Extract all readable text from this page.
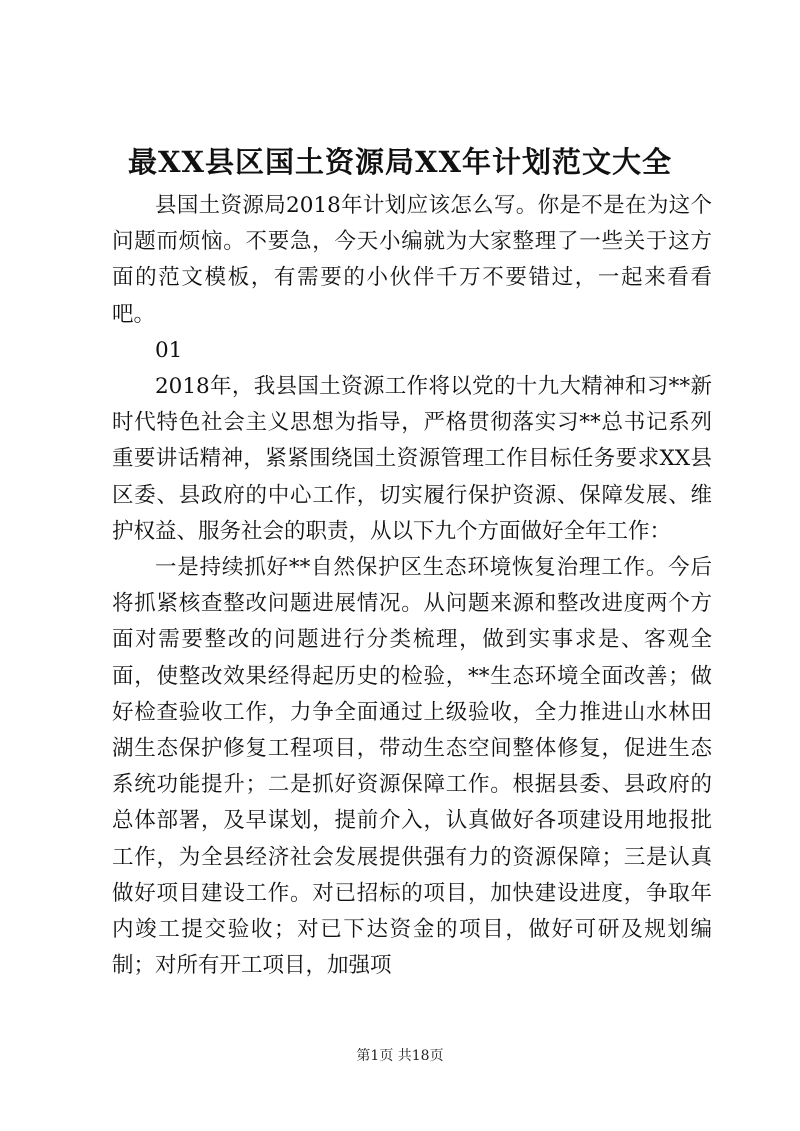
最XX县区国土资源局XX年计划范文大全

县国土资源局2018年计划应该怎么写。你是不是在为这个问题而烦恼。不要急，今天小编就为大家整理了一些关于这方面的范文模板，有需要的小伙伴千万不要错过，一起来看看吧。

01

2018年，我县国土资源工作将以党的十九大精神和习**新时代特色社会主义思想为指导，严格贯彻落实习**总书记系列重要讲话精神，紧紧围绕国土资源管理工作目标任务要求XX县区委、县政府的中心工作，切实履行保护资源、保障发展、维护权益、服务社会的职责，从以下九个方面做好全年工作：

一是持续抓好**自然保护区生态环境恢复治理工作。今后将抓紧核查整改问题进展情况。从问题来源和整改进度两个方面对需要整改的问题进行分类梳理，做到实事求是、客观全面，使整改效果经得起历史的检验，**生态环境全面改善；做好检查验收工作，力争全面通过上级验收，全力推进山水林田湖生态保护修复工程项目，带动生态空间整体修复，促进生态系统功能提升；二是抓好资源保障工作。根据县委、县政府的总体部署，及早谋划，提前介入，认真做好各项建设用地报批工作，为全县经济社会发展提供强有力的资源保障；三是认真做好项目建设工作。对已招标的项目，加快建设进度，争取年内竣工提交验收；对已下达资金的项目，做好可研及规划编制；对所有开工项目，加强项

第1页 共18页
